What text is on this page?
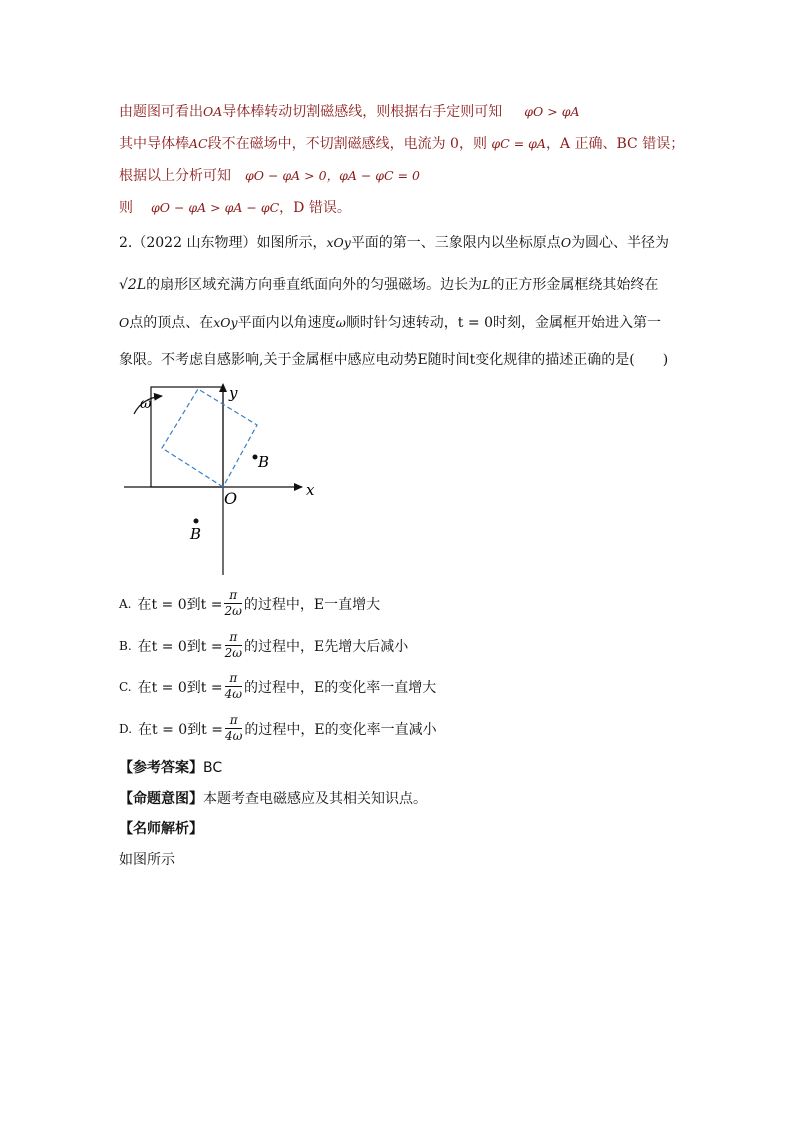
由题图可看出OA导体棒转动切割磁感线，则根据右手定则可知 φO > φA
其中导体棒AC段不在磁场中，不切割磁感线，电流为 0，则 φC = φA，A 正确、BC 错误；
根据以上分析可知 φO − φA > 0，φA − φC = 0
则 φO − φA > φA − φC，D 错误。
2.（2022 山东物理）如图所示，xOy平面的第一、三象限内以坐标原点O为圆心、半径为
√2L的扇形区域充满方向垂直纸面向外的匀强磁场。边长为L的正方形金属框绕其始终在
O点的顶点、在xOy平面内以角速度ω顺时针匀速转动，t = 0时刻，金属框开始进入第一
象限。不考虑自感影响,关于金属框中感应电动势E随时间t变化规律的描述正确的是(　　)
ω
y
x
O
B
B
A. 在t = 0到$t = \frac{\pi}{2\omega}$ 的过程中，E一直增大
B. 在t = 0到$t = \frac{\pi}{2\omega}$ 的过程中，E先增大后减小
C. 在t = 0到$t = \frac{\pi}{4\omega}$ 的过程中，E的变化率一直增大
D. 在t = 0到$t = \frac{\pi}{4\omega}$ 的过程中，E的变化率一直减小
【参考答案】BC
【命题意图】本题考查电磁感应及其相关知识点。
【名师解析】
如图所示
